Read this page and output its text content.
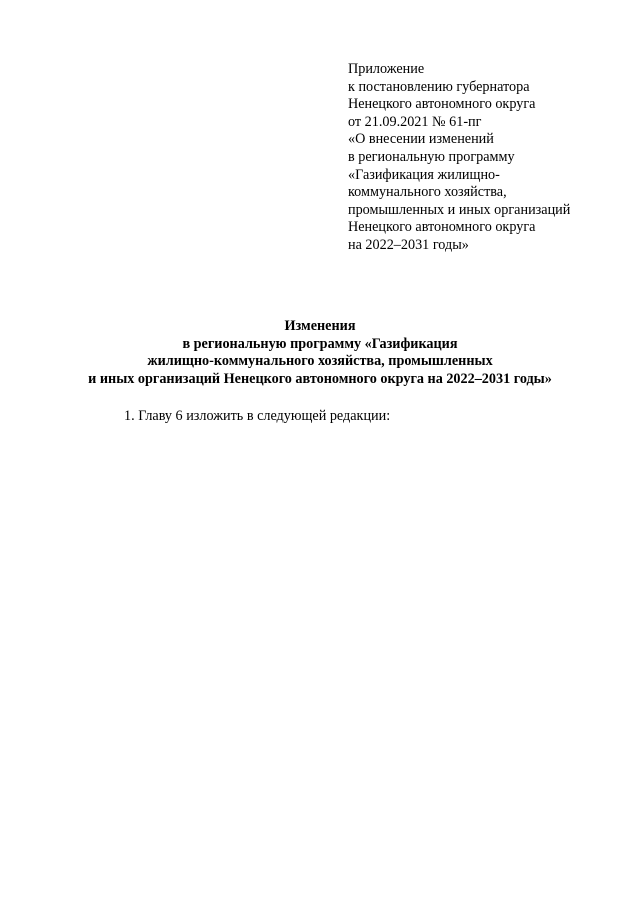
Приложение
к постановлению губернатора
Ненецкого автономного округа
от 21.09.2021 № 61-пг
«О внесении изменений
в региональную программу
«Газификация жилищно-
коммунального хозяйства,
промышленных и иных организаций
Ненецкого автономного округа
на 2022–2031 годы»
Изменения
в региональную программу «Газификация
жилищно-коммунального хозяйства, промышленных
и иных организаций Ненецкого автономного округа на 2022–2031 годы»
1. Главу 6 изложить в следующей редакции:
